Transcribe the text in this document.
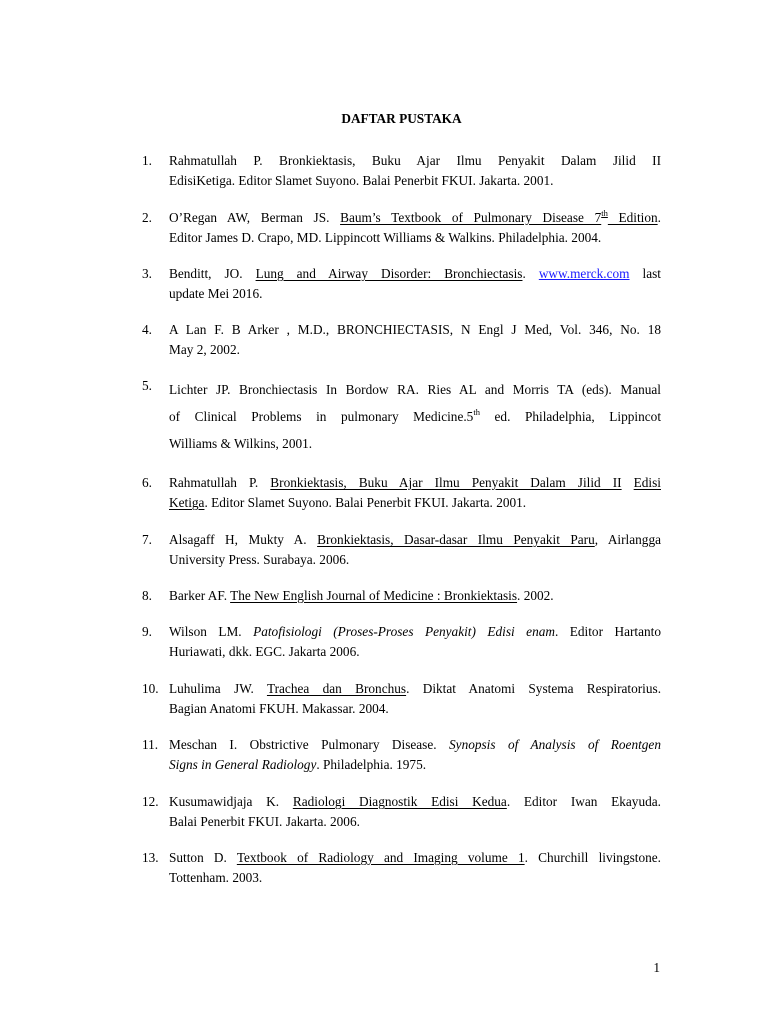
DAFTAR PUSTAKA
1.	Rahmatullah P. Bronkiektasis, Buku Ajar Ilmu Penyakit Dalam Jilid II
EdisiKetiga. Editor Slamet Suyono. Balai Penerbit FKUI. Jakarta. 2001.
2.	O’Regan AW, Berman JS. Baum’s Textbook of Pulmonary Disease 7th Edition.
Editor James D. Crapo, MD. Lippincott Williams & Walkins. Philadelphia. 2004.
3.	Benditt, JO. Lung and Airway Disorder: Bronchiectasis. www.merck.com last
update Mei 2016.
4.	A Lan F. B Arker , M.D., BRONCHIECTASIS, N Engl J Med, Vol. 346, No. 18
May 2, 2002.
5.	Lichter JP. Bronchiectasis In Bordow RA. Ries AL and Morris TA (eds). Manual
of Clinical Problems in pulmonary Medicine.5th ed. Philadelphia, Lippincot
Williams & Wilkins, 2001.
6.	Rahmatullah P. Bronkiektasis, Buku Ajar Ilmu Penyakit Dalam Jilid II Edisi
Ketiga. Editor Slamet Suyono. Balai Penerbit FKUI. Jakarta. 2001.
7.	Alsagaff H, Mukty A. Bronkiektasis, Dasar-dasar Ilmu Penyakit Paru, Airlangga
University Press. Surabaya. 2006.
8.	Barker AF. The New English Journal of Medicine : Bronkiektasis. 2002.
9.	Wilson LM. Patofisiologi (Proses-Proses Penyakit) Edisi enam. Editor Hartanto
Huriawati, dkk. EGC. Jakarta 2006.
10. Luhulima JW. Trachea dan Bronchus. Diktat Anatomi Systema Respiratorius.
Bagian Anatomi FKUH. Makassar. 2004.
11. Meschan I. Obstrictive Pulmonary Disease. Synopsis of Analysis of Roentgen
Signs in General Radiology. Philadelphia. 1975.
12. Kusumawidjaja K. Radiologi Diagnostik Edisi Kedua. Editor Iwan Ekayuda.
Balai Penerbit FKUI. Jakarta. 2006.
13. Sutton D. Textbook of Radiology and Imaging volume 1. Churchill livingstone.
Tottenham. 2003.
1
